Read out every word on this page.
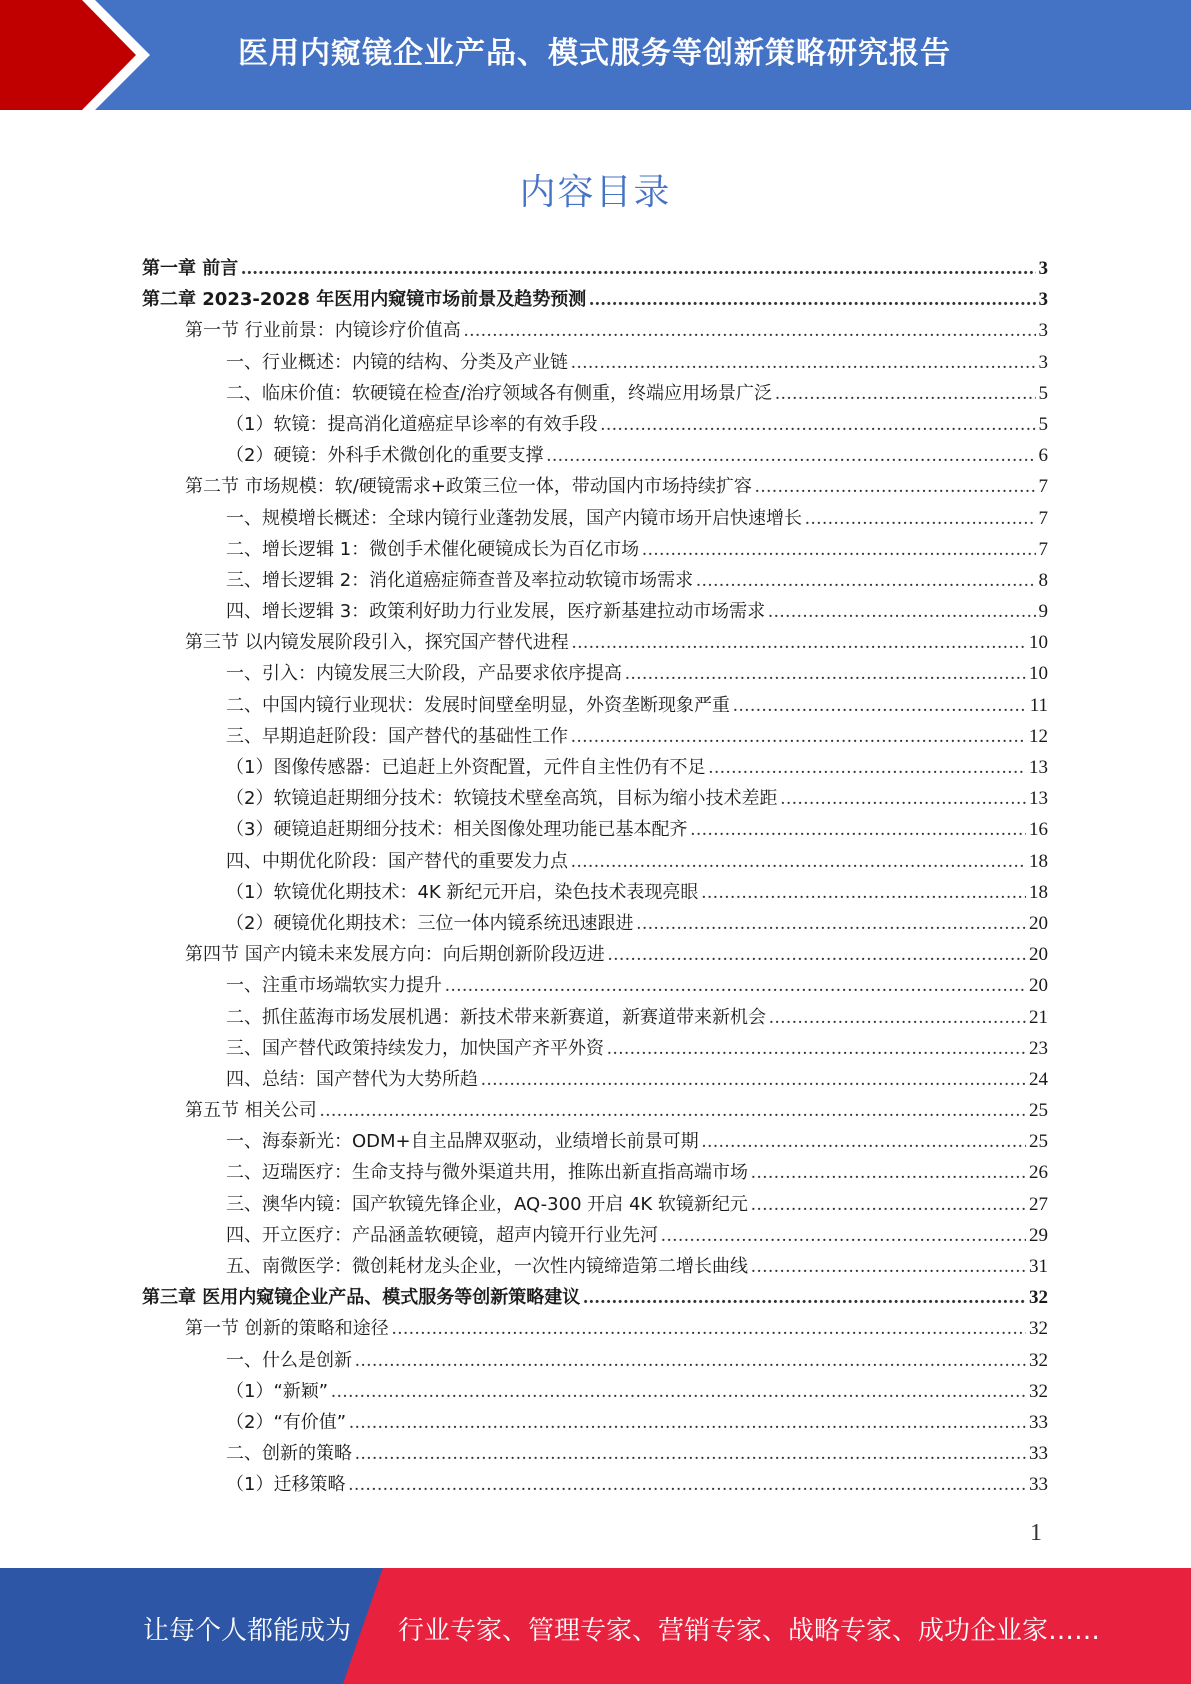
医用内窥镜企业产品、模式服务等创新策略研究报告
内容目录
第一章 前言 .....	3
第二章 2023-2028 年医用内窥镜市场前景及趋势预测 .....	3
第一节 行业前景：内镜诊疗价值高 .....	3
一、行业概述：内镜的结构、分类及产业链 .....	3
二、临床价值：软硬镜在检查/治疗领域各有侧重，终端应用场景广泛 .....	5
（1）软镜：提高消化道癌症早诊率的有效手段 .....	5
（2）硬镜：外科手术微创化的重要支撑 .....	6
第二节 市场规模：软/硬镜需求+政策三位一体，带动国内市场持续扩容 .....	7
一、规模增长概述：全球内镜行业蓬勃发展，国产内镜市场开启快速增长 .....	7
二、增长逻辑 1：微创手术催化硬镜成长为百亿市场 .....	7
三、增长逻辑 2：消化道癌症筛查普及率拉动软镜市场需求 .....	8
四、增长逻辑 3：政策利好助力行业发展，医疗新基建拉动市场需求 .....	9
第三节 以内镜发展阶段引入，探究国产替代进程 .....	10
一、引入：内镜发展三大阶段，产品要求依序提高 .....	10
二、中国内镜行业现状：发展时间壁垒明显，外资垄断现象严重 .....	11
三、早期追赶阶段：国产替代的基础性工作 .....	12
（1）图像传感器：已追赶上外资配置，元件自主性仍有不足 .....	13
（2）软镜追赶期细分技术：软镜技术壁垒高筑，目标为缩小技术差距 .....	13
（3）硬镜追赶期细分技术：相关图像处理功能已基本配齐 .....	16
四、中期优化阶段：国产替代的重要发力点 .....	18
（1）软镜优化期技术：4K 新纪元开启，染色技术表现亮眼 .....	18
（2）硬镜优化期技术：三位一体内镜系统迅速跟进 .....	20
第四节 国产内镜未来发展方向：向后期创新阶段迈进 .....	20
一、注重市场端软实力提升 .....	20
二、抓住蓝海市场发展机遇：新技术带来新赛道，新赛道带来新机会 .....	21
三、国产替代政策持续发力，加快国产齐平外资 .....	23
四、总结：国产替代为大势所趋 .....	24
第五节 相关公司 .....	25
一、海泰新光：ODM+自主品牌双驱动，业绩增长前景可期 .....	25
二、迈瑞医疗：生命支持与微外渠道共用，推陈出新直指高端市场 .....	26
三、澳华内镜：国产软镜先锋企业，AQ-300 开启 4K 软镜新纪元 .....	27
四、开立医疗：产品涵盖软硬镜，超声内镜开行业先河 .....	29
五、南微医学：微创耗材龙头企业，一次性内镜缔造第二增长曲线 .....	31
第三章 医用内窥镜企业产品、模式服务等创新策略建议 .....	32
第一节 创新的策略和途径 .....	32
一、什么是创新 .....	32
（1）“新颖” .....	32
（2）“有价值” .....	33
二、创新的策略 .....	33
（1）迁移策略 .....	33
1
让每个人都能成为 行业专家、管理专家、营销专家、战略专家、成功企业家……
